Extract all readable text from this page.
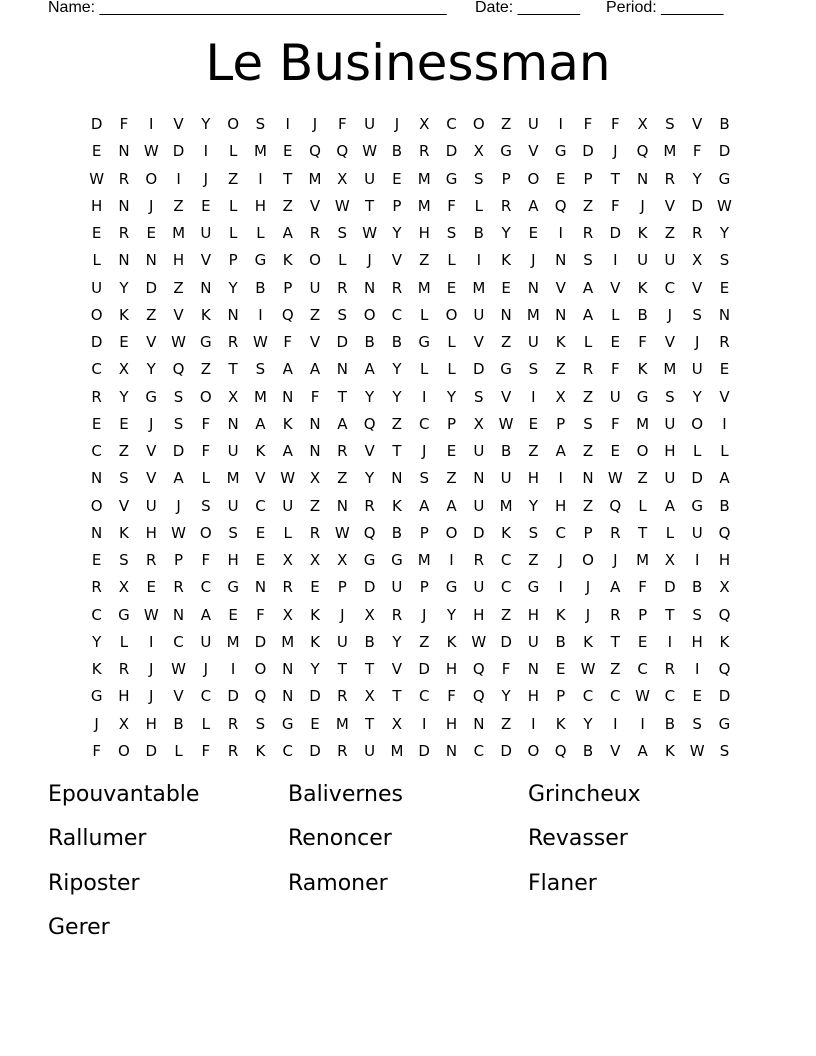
Name: _______________________________________ Date: _______ Period: _______
Le Businessman
D	F	I	V	Y	O	S	I	J	F	U	J	X	C	O	Z	U	I	F	F	X	S	V	B
E	N W D	I	L	M	E	Q	Q W B	R	D	X	G	V	G	D	J	Q M	F	D
W R	O	I	J	Z	I	T	M	X	U	E	M	G	S	P	O	E	P	T	N	R	Y	G
H	N	J	Z	E	L	H	Z	V W	T	P	M	F	L	R	A	Q	Z	F	J	V	D W
E	R	E	M	U	L	L	A	R	S	W	Y	H	S	B	Y	E	I	R	D	K	Z	R	Y
L	N	N	H	V	P	G	K	O	L	J	V	Z	L	I	K	J	N	S	I	U	U	X	S
U	Y	D	Z	N	Y	B	P	U	R	N	R	M	E	M	E	N	V	A	V	K	C	V	E
O	K	Z	V	K	N	I	Q	Z	S	O	C	L	O	U	N	M	N	A	L	B	J	S	N
D	E	V W G	R W	F	V	D	B	B	G	L	V	Z	U	K	L	E	F	V	J	R
C	X	Y	Q	Z	T	S	A	A	N	A	Y	L	L	D	G	S	Z	R	F	K	M	U	E
R	Y	G	S	O	X	M	N	F	T	Y	Y	I	Y	S	V	I	X	Z	U	G	S	Y	V
E	E	J	S	F	N	A	K	N	A	Q	Z	C	P	X W	E	P	S	F	M	U	O	I
C	Z	V	D	F	U	K	A	N	R	V	T	J	E	U	B	Z	A	Z	E	O	H	L	L
N	S	V	A	L	M	V W X	Z	Y	N	S	Z	N	U	H	I	N W Z	U	D	A
O	V	U	J	S	U	C	U	Z	N	R	K	A	A	U	M	Y	H	Z	Q	L	A	G	B
N	K	H W O	S	E	L	R W Q	B	P	O	D	K	S	C	P	R	T	L	U	Q
E	S	R	P	F	H	E	X	X	X	G	G	M	I	R	C	Z	J	O	J	M	X	I	H
R	X	E	R	C	G	N	R	E	P	D	U	P	G	U	C	G	I	J	A	F	D	B	X
C	G W N	A	E	F	X	K	J	X	R	J	Y	H	Z	H	K	J	R	P	T	S	Q
Y	L	I	C	U	M	D	M	K	U	B	Y	Z	K W D	U	B	K	T	E	I	H	K
K	R	J	W	J	I	O	N	Y	T	T	V	D	H	Q	F	N	E	W Z	C	R	I	Q
G	H	J	V	C	D	Q	N	D	R	X	T	C	F	Q	Y	H	P	C	C W C	E	D
J	X	H	B	L	R	S	G	E	M	T	X	I	H	N	Z	I	K	Y	I	I	B	S	G
F	O	D	L	F	R	K	C	D	R	U	M	D	N	C	D	O	Q	B	V	A	K W	S
Epouvantable	Balivernes	Grincheux
Rallumer	Renoncer	Revasser
Riposter	Ramoner	Flaner
Gerer
